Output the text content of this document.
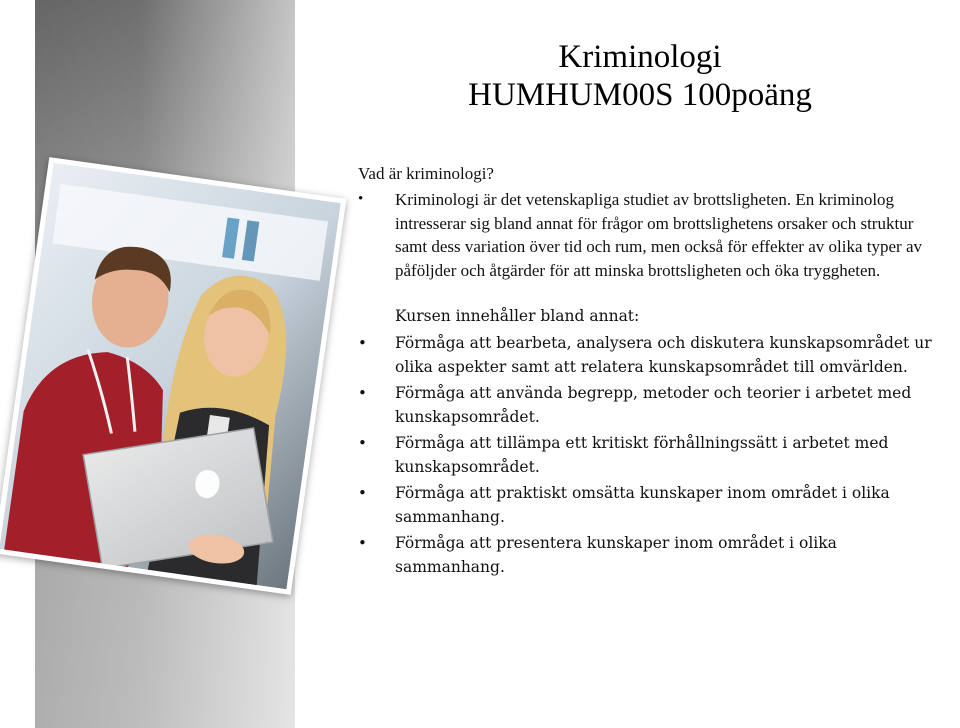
Kriminologi
HUMHUM00S 100poäng
Vad är kriminologi?
• Kriminologi är det vetenskapliga studiet av brottsligheten. En kriminolog intresserar sig bland annat för frågor om brottslighetens orsaker och struktur samt dess variation över tid och rum, men också för effekter av olika typer av påföljder och åtgärder för att minska brottsligheten och öka tryggheten.
Kursen innehåller bland annat:
• Förmåga att bearbeta, analysera och diskutera kunskapsområdet ur olika aspekter samt att relatera kunskapsområdet till omvärlden.
• Förmåga att använda begrepp, metoder och teorier i arbetet med kunskapsområdet.
• Förmåga att tillämpa ett kritiskt förhållningssätt i arbetet med kunskapsområdet.
• Förmåga att praktiskt omsätta kunskaper inom området i olika sammanhang.
• Förmåga att presentera kunskaper inom området i olika sammanhang.
